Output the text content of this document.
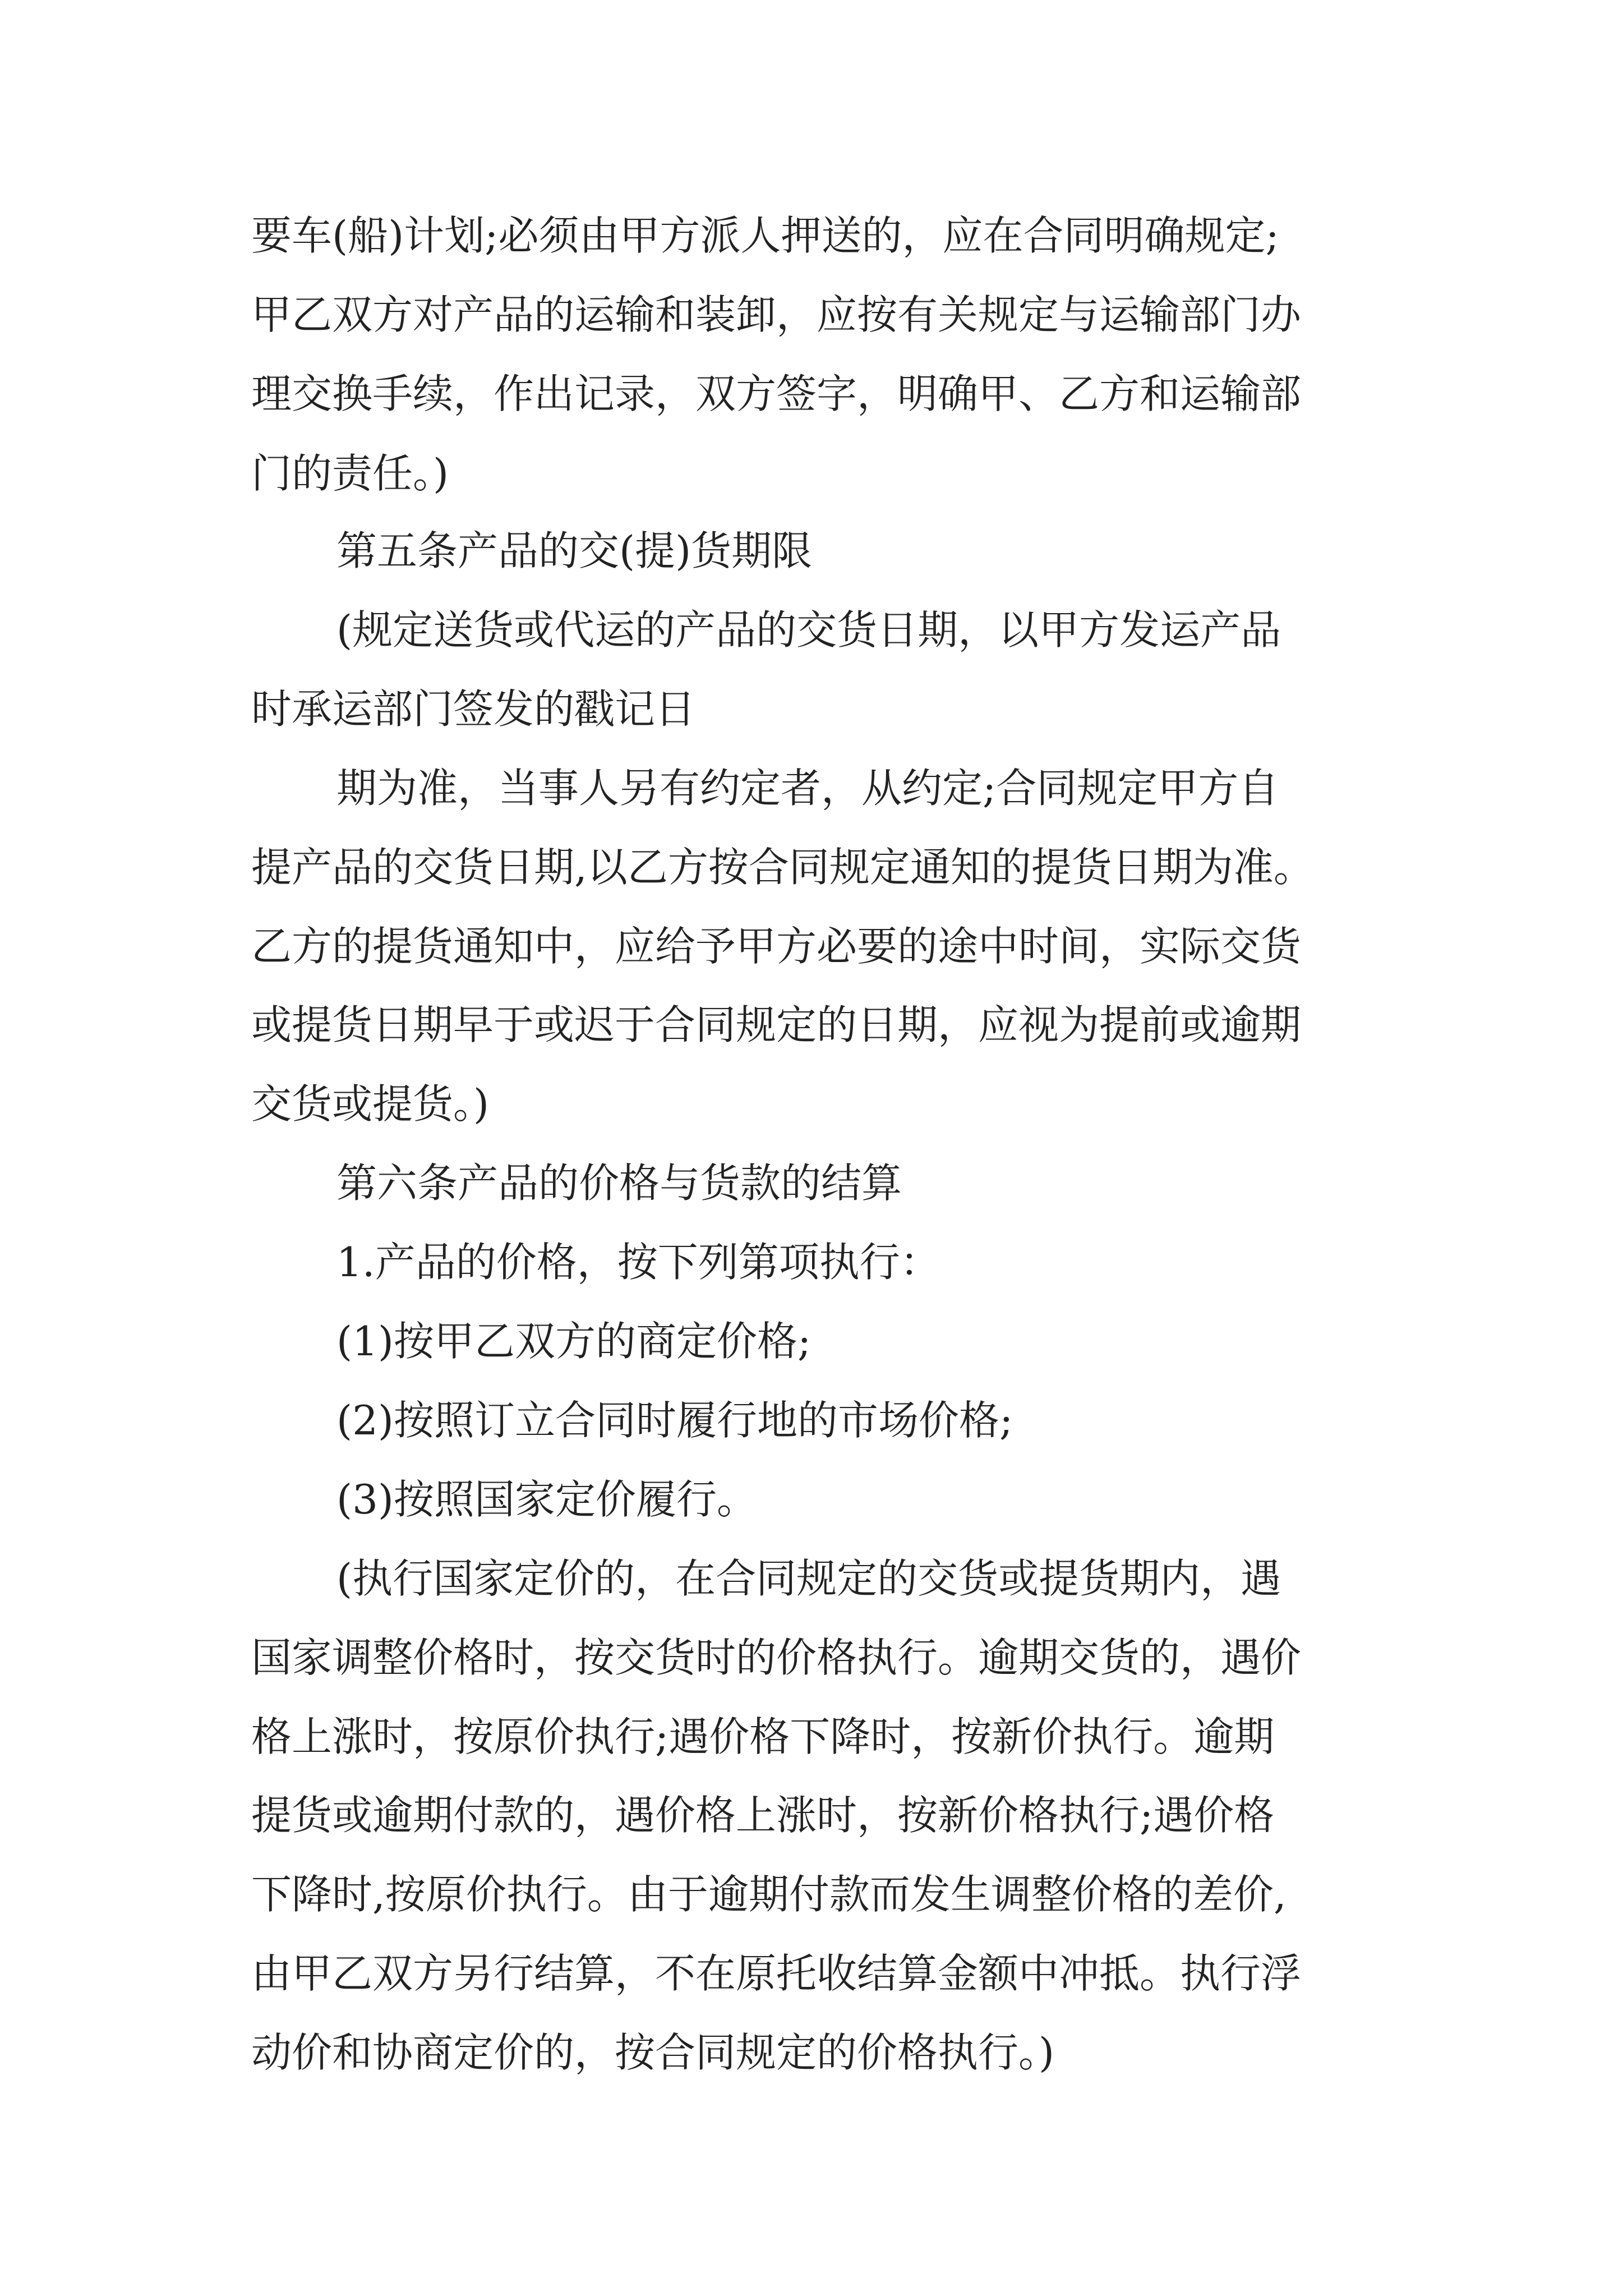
要车(船)计划;必须由甲方派人押送的，应在合同明确规定;

甲乙双方对产品的运输和装卸，应按有关规定与运输部门办

理交换手续，作出记录，双方签字，明确甲、乙方和运输部

门的责任。)

第五条产品的交(提)货期限

(规定送货或代运的产品的交货日期，以甲方发运产品

时承运部门签发的戳记日

期为准，当事人另有约定者，从约定;合同规定甲方自

提产品的交货日期,以乙方按合同规定通知的提货日期为准。

乙方的提货通知中，应给予甲方必要的途中时间，实际交货

或提货日期早于或迟于合同规定的日期，应视为提前或逾期

交货或提货。)

第六条产品的价格与货款的结算

1.产品的价格，按下列第项执行：

(1)按甲乙双方的商定价格;

(2)按照订立合同时履行地的市场价格;

(3)按照国家定价履行。

(执行国家定价的，在合同规定的交货或提货期内，遇

国家调整价格时，按交货时的价格执行。逾期交货的，遇价

格上涨时，按原价执行;遇价格下降时，按新价执行。逾期

提货或逾期付款的，遇价格上涨时，按新价格执行;遇价格

下降时,按原价执行。由于逾期付款而发生调整价格的差价,

由甲乙双方另行结算，不在原托收结算金额中冲抵。执行浮

动价和协商定价的，按合同规定的价格执行。)
